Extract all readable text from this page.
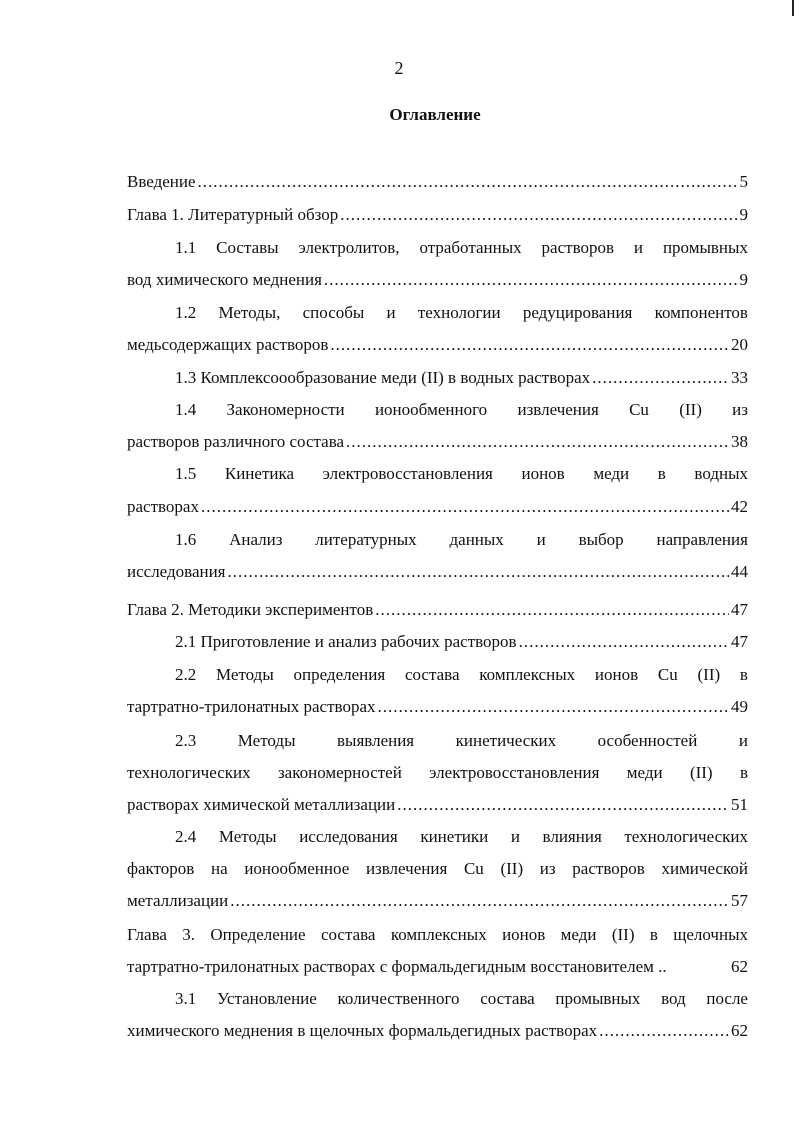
2
Оглавление
Введение .....	5
Глава 1. Литературный обзор .....	9
1.1 Составы электролитов, отработанных растворов и промывных
вод химического меднения .....	9
1.2 Методы, способы и технологии редуцирования компонентов
медьсодержащих растворов .....	20
1.3 Комплексоообразование меди (II) в водных растворах .....	33
1.4 Закономерности ионообменного извлечения Cu (II) из
растворов различного состава .....	38
1.5 Кинетика электровосстановления ионов меди в водных
растворах .....	42
1.6 Анализ литературных данных и выбор направления
исследования .....	44
Глава 2. Методики экспериментов .....	47
2.1 Приготовление и анализ рабочих растворов .....	47
2.2 Методы определения состава комплексных ионов Cu (II) в
тартратно-трилонатных растворах .....	49
2.3 Методы выявления кинетических особенностей и
технологических закономерностей электровосстановления меди (II) в
растворах химической металлизации .....	51
2.4 Методы исследования кинетики и влияния технологических
факторов на ионообменное извлечения Cu (II) из растворов химической
металлизации .....	57
Глава 3. Определение состава комплексных ионов меди (II) в щелочных
тартратно-трилонатных растворах с формальдегидным восстановителем ..	62
3.1 Установление количественного состава промывных вод после
химического меднения в щелочных формальдегидных растворах .....	62
